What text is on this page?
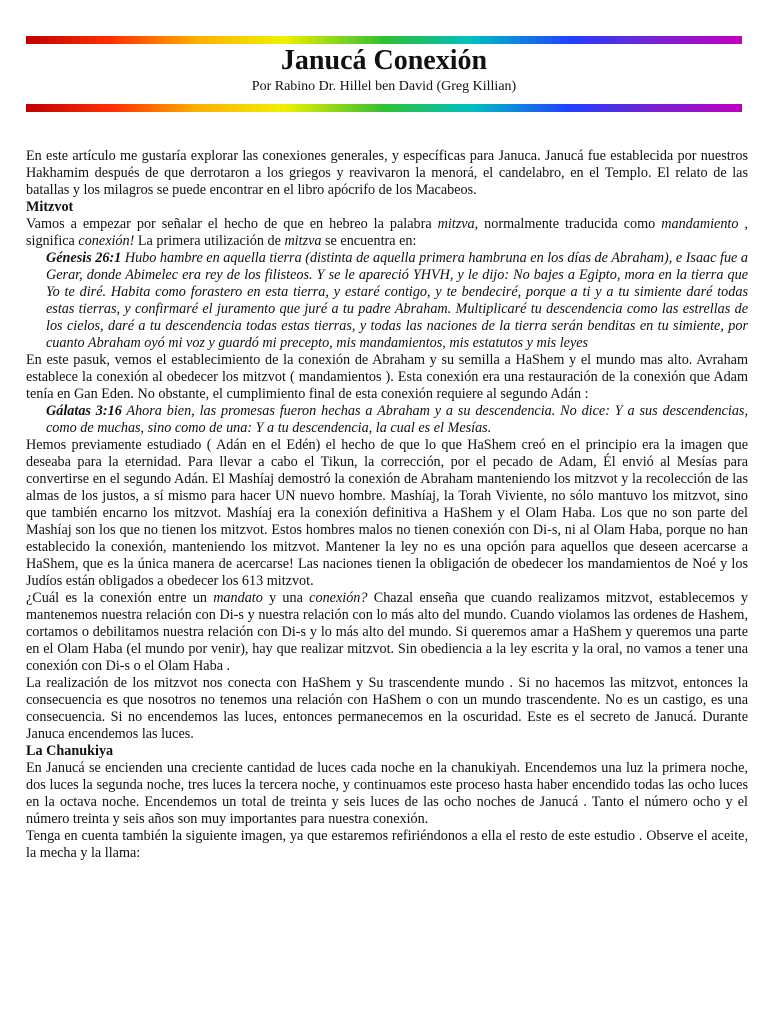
Janucá Conexión
Por Rabino Dr. Hillel ben David (Greg Killian)

En este artículo me gustaría explorar las conexiones generales, y específicas para Januca. Janucá fue establecida por nuestros Hakhamim después de que derrotaron a los griegos y reavivaron la menorá, el candelabro, en el Templo. El relato de las batallas y los milagros se puede encontrar en el libro apócrifo de los Macabeos.

Mitzvot

Vamos a empezar por señalar el hecho de que en hebreo la palabra mitzva, normalmente traducida como mandamiento , significa conexión! La primera utilización de mitzva se encuentra en:

Génesis 26:1 Hubo hambre en aquella tierra (distinta de aquella primera hambruna en los días de Abraham), e Isaac fue a Gerar, donde Abimelec era rey de los filisteos. Y se le apareció YHVH, y le dijo: No bajes a Egipto, mora en la tierra que Yo te diré. Habita como forastero en esta tierra, y estaré contigo, y te bendeciré, porque a ti y a tu simiente daré todas estas tierras, y confirmaré el juramento que juré a tu padre Abraham. Multiplicaré tu descendencia como las estrellas de los cielos, daré a tu descendencia todas estas tierras, y todas las naciones de la tierra serán benditas en tu simiente, por cuanto Abraham oyó mi voz y guardó mi precepto, mis mandamientos, mis estatutos y mis leyes

En este pasuk, vemos el establecimiento de la conexión de Abraham y su semilla a HaShem y el mundo mas alto. Avraham establece la conexión al obedecer los mitzvot ( mandamientos ). Esta conexión era una restauración de la conexión que Adam tenía en Gan Eden. No obstante, el cumplimiento final de esta conexión requiere al segundo Adán :

Gálatas 3:16 Ahora bien, las promesas fueron hechas a Abraham y a su descendencia. No dice: Y a sus descendencias, como de muchas, sino como de una: Y a tu descendencia, la cual es el Mesías.

Hemos previamente estudiado ( Adán en el Edén) el hecho de que lo que HaShem creó en el principio era la imagen que deseaba para la eternidad. Para llevar a cabo el Tikun, la corrección, por el pecado de Adam, Él envió al Mesías para convertirse en el segundo Adán. El Mashíaj demostró la conexión de Abraham manteniendo los mitzvot y la recolección de las almas de los justos, a sí mismo para hacer UN nuevo hombre. Mashíaj, la Torah Viviente, no sólo mantuvo los mitzvot, sino que también encarno los mitzvot. Mashíaj era la conexión definitiva a HaShem y el Olam Haba. Los que no son parte del Mashíaj son los que no tienen los mitzvot. Estos hombres malos no tienen conexión con Di-s, ni al Olam Haba, porque no han establecido la conexión, manteniendo los mitzvot. Mantener la ley no es una opción para aquellos que deseen acercarse a HaShem, que es la única manera de acercarse! Las naciones tienen la obligación de obedecer los mandamientos de Noé y los Judíos están obligados a obedecer los 613 mitzvot.

¿Cuál es la conexión entre un mandato y una conexión? Chazal enseña que cuando realizamos mitzvot, establecemos y mantenemos nuestra relación con Di-s y nuestra relación con lo más alto del mundo. Cuando violamos las ordenes de Hashem, cortamos o debilitamos nuestra relación con Di-s y lo más alto del mundo. Si queremos amar a HaShem y queremos una parte en el Olam Haba (el mundo por venir), hay que realizar mitzvot. Sin obediencia a la ley escrita y la oral, no vamos a tener una conexión con Di-s o el Olam Haba .

La realización de los mitzvot nos conecta con HaShem y Su trascendente mundo . Si no hacemos las mitzvot, entonces la consecuencia es que nosotros no tenemos una relación con HaShem o con un mundo trascendente. No es un castigo, es una consecuencia. Si no encendemos las luces, entonces permanecemos en la oscuridad. Este es el secreto de Janucá. Durante Januca encendemos las luces.

La Chanukiya

En Janucá se encienden una creciente cantidad de luces cada noche en la chanukiyah. Encendemos una luz la primera noche, dos luces la segunda noche, tres luces la tercera noche, y continuamos este proceso hasta haber encendido todas las ocho luces en la octava noche. Encendemos un total de treinta y seis luces de las ocho noches de Janucá . Tanto el número ocho y el número treinta y seis años son muy importantes para nuestra conexión.

Tenga en cuenta también la siguiente imagen, ya que estaremos refiriéndonos a ella el resto de este estudio . Observe el aceite, la mecha y la llama:
